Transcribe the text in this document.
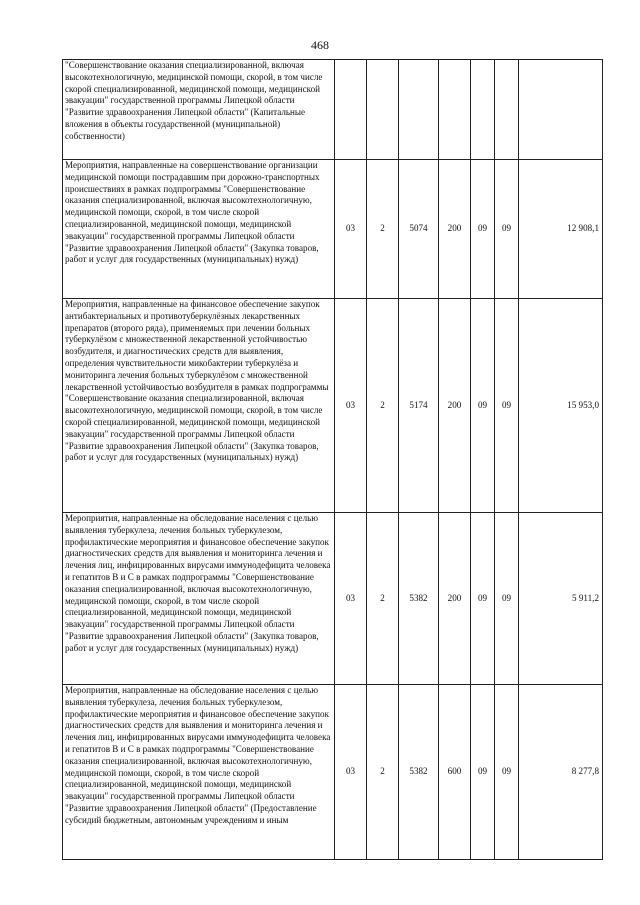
468
"Совершенствование оказания специализированной, включая высокотехнологичную, медицинской помощи, скорой, в том числе скорой специализированной, медицинской помощи, медицинской эвакуации" государственной программы Липецкой области "Развитие здравоохранения Липецкой области" (Капитальные вложения в объекты государственной (муниципальной) собственности)							
Мероприятия, направленные на совершенствование организации медицинской помощи пострадавшим при дорожно-транспортных происшествиях в рамках подпрограммы "Совершенствование оказания специализированной, включая высокотехнологичную, медицинской помощи, скорой, в том числе скорой специализированной, медицинской помощи, медицинской эвакуации" государственной программы Липецкой области "Развитие здравоохранения Липецкой области" (Закупка товаров, работ и услуг для государственных (муниципальных) нужд)	03	2	5074	200	09	09	12 908,1
Мероприятия, направленные на финансовое обеспечение закупок антибактериальных и противотуберкулёзных лекарственных препаратов (второго ряда), применяемых при лечении больных туберкулёзом с множественной лекарственной устойчивостью возбудителя, и диагностических средств для выявления, определения чувствительности микобактерии туберкулёза и мониторинга лечения больных туберкулёзом с множественной лекарственной устойчивостью возбудителя в рамках подпрограммы "Совершенствование оказания специализированной, включая высокотехнологичную, медицинской помощи, скорой, в том числе скорой специализированной, медицинской помощи, медицинской эвакуации" государственной программы Липецкой области "Развитие здравоохранения Липецкой области" (Закупка товаров, работ и услуг для государственных (муниципальных) нужд)	03	2	5174	200	09	09	15 953,0
Мероприятия, направленные на обследование населения с целью выявления туберкулеза, лечения больных туберкулезом, профилактические мероприятия и финансовое обеспечение закупок диагностических средств для выявления и мониторинга лечения и лечения лиц, инфицированных вирусами иммунодефицита человека и гепатитов В и С в рамках подпрограммы "Совершенствование оказания специализированной, включая высокотехнологичную, медицинской помощи, скорой, в том числе скорой специализированной, медицинской помощи, медицинской эвакуации" государственной программы Липецкой области "Развитие здравоохранения Липецкой области" (Закупка товаров, работ и услуг для государственных (муниципальных) нужд)	03	2	5382	200	09	09	5 911,2
Мероприятия, направленные на обследование населения с целью выявления туберкулеза, лечения больных туберкулезом, профилактические мероприятия и финансовое обеспечение закупок диагностических средств для выявления и мониторинга лечения и лечения лиц, инфицированных вирусами иммунодефицита человека и гепатитов В и С в рамках подпрограммы "Совершенствование оказания специализированной, включая высокотехнологичную, медицинской помощи, скорой, в том числе скорой специализированной, медицинской помощи, медицинской эвакуации" государственной программы Липецкой области "Развитие здравоохранения Липецкой области" (Предоставление субсидий бюджетным, автономным учреждениям и иным	03	2	5382	600	09	09	8 277,8
